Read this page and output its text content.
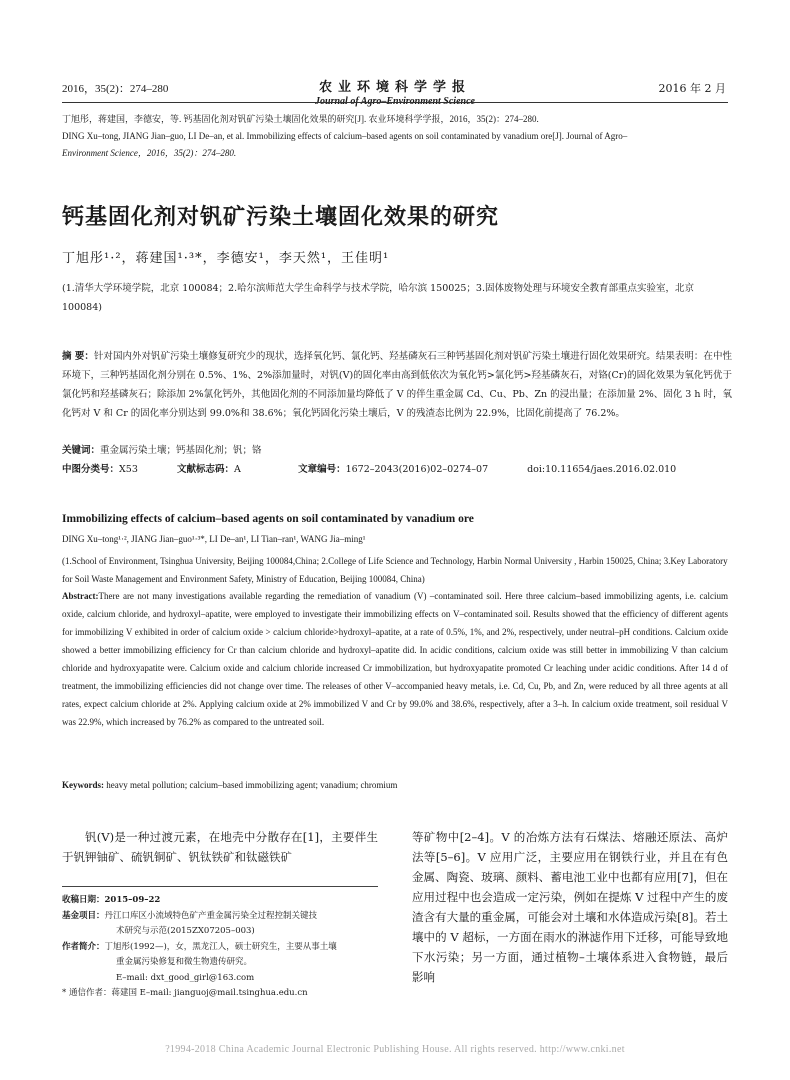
2016，35(2)：274–280	农业环境科学学报
Journal of Agro–Environment Science
2016 年 2 月
丁旭彤，蒋建国，李德安，等. 钙基固化剂对钒矿污染土壤固化效果的研究[J]. 农业环境科学学报，2016，35(2)：274–280.
DING Xu–tong, JIANG Jian–guo, LI De–an, et al. Immobilizing effects of calcium–based agents on soil contaminated by vanadium ore[J]. Journal of Agro–
Environment Science，2016，35(2)：274–280.
钙基固化剂对钒矿污染土壤固化效果的研究
丁旭彤¹·²，蒋建国¹·³*，李德安¹，李天然¹，王佳明¹
(1.清华大学环境学院，北京 100084；2.哈尔滨师范大学生命科学与技术学院，哈尔滨 150025；3.固体废物处理与环境安全教育部重点实验室，北京 100084)
摘 要：针对国内外对钒矿污染土壤修复研究少的现状，选择氧化钙、氯化钙、羟基磷灰石三种钙基固化剂对钒矿污染土壤进行固化效果研究。结果表明：在中性环境下，三种钙基固化剂分别在 0.5%、1%、2%添加量时，对钒(V)的固化率由高到低依次为氧化钙>氯化钙>羟基磷灰石，对铬(Cr)的固化效果为氧化钙优于氯化钙和羟基磷灰石；除添加 2%氯化钙外，其他固化剂的不同添加量均降低了 V 的伴生重金属 Cd、Cu、Pb、Zn 的浸出量；在添加量 2%、固化 3 h 时，氧化钙对 V 和 Cr 的固化率分别达到 99.0%和 38.6%；氧化钙固化污染土壤后，V 的残渣态比例为 22.9%，比固化前提高了 76.2%。
关键词：重金属污染土壤；钙基固化剂；钒；铬
中图分类号：X53	文献标志码：A	文章编号：1672–2043(2016)02–0274–07	doi:10.11654/jaes.2016.02.010
Immobilizing effects of calcium–based agents on soil contaminated by vanadium ore
DING Xu–tong¹·², JIANG Jian–guo¹·³*, LI De–an¹, LI Tian–ran¹, WANG Jia–ming¹
(1.School of Environment, Tsinghua University, Beijing 100084,China; 2.College of Life Science and Technology, Harbin Normal University , Harbin 150025, China; 3.Key Laboratory for Soil Waste Management and Environment Safety, Ministry of Education, Beijing 100084, China)
Abstract:There are not many investigations available regarding the remediation of vanadium (V) –contaminated soil. Here three calcium–based immobilizing agents, i.e. calcium oxide, calcium chloride, and hydroxyl–apatite, were employed to investigate their immobilizing effects on V–contaminated soil. Results showed that the efficiency of different agents for immobilizing V exhibited in order of calcium oxide > calcium chloride>hydroxyl–apatite, at a rate of 0.5%, 1%, and 2%, respectively, under neutral–pH conditions. Calcium oxide showed a better immobilizing efficiency for Cr than calcium chloride and hydroxyl–apatite did. In acidic conditions, calcium oxide was still better in immobilizing V than calcium chloride and hydroxyapatite were. Calcium oxide and calcium chloride increased Cr immobilization, but hydroxyapatite promoted Cr leaching under acidic conditions. After 14 d of treatment, the immobilizing efficiencies did not change over time. The releases of other V–accompanied heavy metals, i.e. Cd, Cu, Pb, and Zn, were reduced by all three agents at all rates, expect calcium chloride at 2%. Applying calcium oxide at 2% immobilized V and Cr by 99.0% and 38.6%, respectively, after a 3–h. In calcium oxide treatment, soil residual V was 22.9%, which increased by 76.2% as compared to the untreated soil.
Keywords: heavy metal pollution; calcium–based immobilizing agent; vanadium; chromium
钒(V)是一种过渡元素，在地壳中分散存在[1]，主要伴生于钒钾铀矿、硫钒铜矿、钒钛铁矿和钛磁铁矿
等矿物中[2–4]。V 的冶炼方法有石煤法、熔融还原法、高炉法等[5–6]。V 应用广泛，主要应用在钢铁行业，并且在有色金属、陶瓷、玻璃、颜料、蓄电池工业中也都有应用[7]，但在应用过程中也会造成一定污染，例如在提炼 V 过程中产生的废渣含有大量的重金属，可能会对土壤和水体造成污染[8]。若土壤中的 V 超标，一方面在雨水的淋滤作用下迁移，可能导致地下水污染；另一方面，通过植物–土壤体系进入食物链，最后影响
收稿日期：2015–09–22
基金项目：丹江口库区小流域特色矿产重金属污染全过程控制关键技
术研究与示范(2015ZX07205–003)
作者简介：丁旭彤(1992—)，女，黑龙江人，硕士研究生，主要从事土壤
重金属污染修复和微生物遗传研究。
E–mail: dxt_good_girl@163.com
* 通信作者：蒋建国 E–mail: jianguoj@mail.tsinghua.edu.cn
?1994-2018 China Academic Journal Electronic Publishing House. All rights reserved. http://www.cnki.net
